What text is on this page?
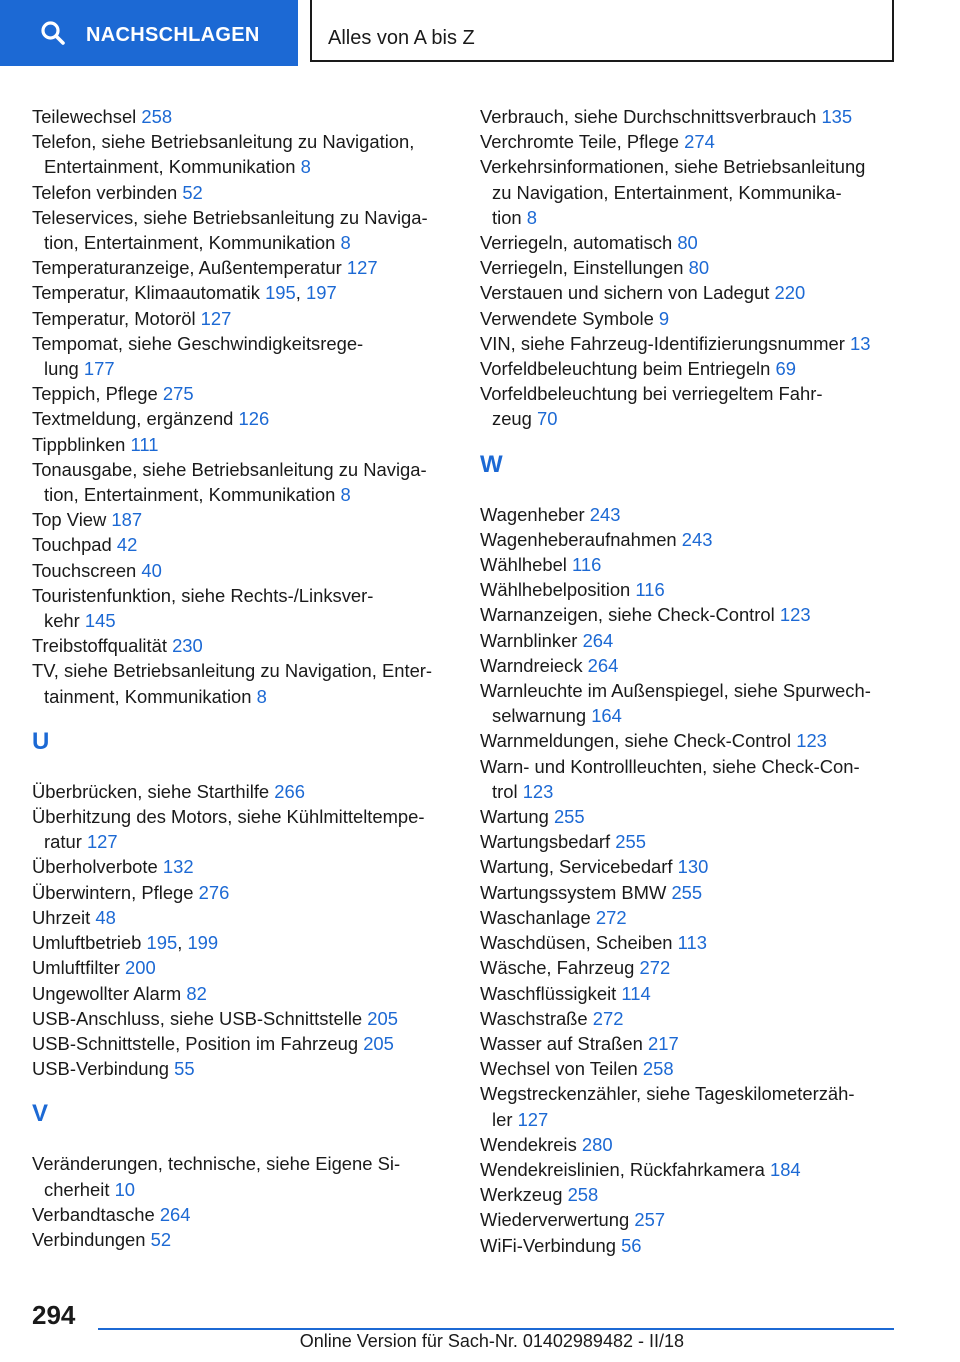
NACHSCHLAGEN	Alles von A bis Z
Teilewechsel 258
Telefon, siehe Betriebsanleitung zu Navigation,
Entertainment, Kommunikation 8
Telefon verbinden 52
Teleservices, siehe Betriebsanleitung zu Naviga-
tion, Entertainment, Kommunikation 8
Temperaturanzeige, Außentemperatur 127
Temperatur, Klimaautomatik 195, 197
Temperatur, Motoröl 127
Tempomat, siehe Geschwindigkeitsrege-
lung 177
Teppich, Pflege 275
Textmeldung, ergänzend 126
Tippblinken 111
Tonausgabe, siehe Betriebsanleitung zu Naviga-
tion, Entertainment, Kommunikation 8
Top View 187
Touchpad 42
Touchscreen 40
Touristenfunktion, siehe Rechts-/Linksver-
kehr 145
Treibstoffqualität 230
TV, siehe Betriebsanleitung zu Navigation, Enter-
tainment, Kommunikation 8
U
Überbrücken, siehe Starthilfe 266
Überhitzung des Motors, siehe Kühlmitteltempe-
ratur 127
Überholverbote 132
Überwintern, Pflege 276
Uhrzeit 48
Umluftbetrieb 195, 199
Umluftfilter 200
Ungewollter Alarm 82
USB-Anschluss, siehe USB-Schnittstelle 205
USB-Schnittstelle, Position im Fahrzeug 205
USB-Verbindung 55
V
Veränderungen, technische, siehe Eigene Si-
cherheit 10
Verbandtasche 264
Verbindungen 52
Verbrauch, siehe Durchschnittsverbrauch 135
Verchromte Teile, Pflege 274
Verkehrsinformationen, siehe Betriebsanleitung
zu Navigation, Entertainment, Kommunika-
tion 8
Verriegeln, automatisch 80
Verriegeln, Einstellungen 80
Verstauen und sichern von Ladegut 220
Verwendete Symbole 9
VIN, siehe Fahrzeug-Identifizierungsnummer 13
Vorfeldbeleuchtung beim Entriegeln 69
Vorfeldbeleuchtung bei verriegeltem Fahr-
zeug 70
W
Wagenheber 243
Wagenheberaufnahmen 243
Wählhebel 116
Wählhebelposition 116
Warnanzeigen, siehe Check-Control 123
Warnblinker 264
Warndreieck 264
Warnleuchte im Außenspiegel, siehe Spurwech-
selwarnung 164
Warnmeldungen, siehe Check-Control 123
Warn- und Kontrollleuchten, siehe Check-Con-
trol 123
Wartung 255
Wartungsbedarf 255
Wartung, Servicebedarf 130
Wartungssystem BMW 255
Waschanlage 272
Waschdüsen, Scheiben 113
Wäsche, Fahrzeug 272
Waschflüssigkeit 114
Waschstraße 272
Wasser auf Straßen 217
Wechsel von Teilen 258
Wegstreckenzähler, siehe Tageskilometerzäh-
ler 127
Wendekreis 280
Wendekreislinien, Rückfahrkamera 184
Werkzeug 258
Wiederverwertung 257
WiFi-Verbindung 56
294
Online Version für Sach-Nr. 01402989482 - II/18
